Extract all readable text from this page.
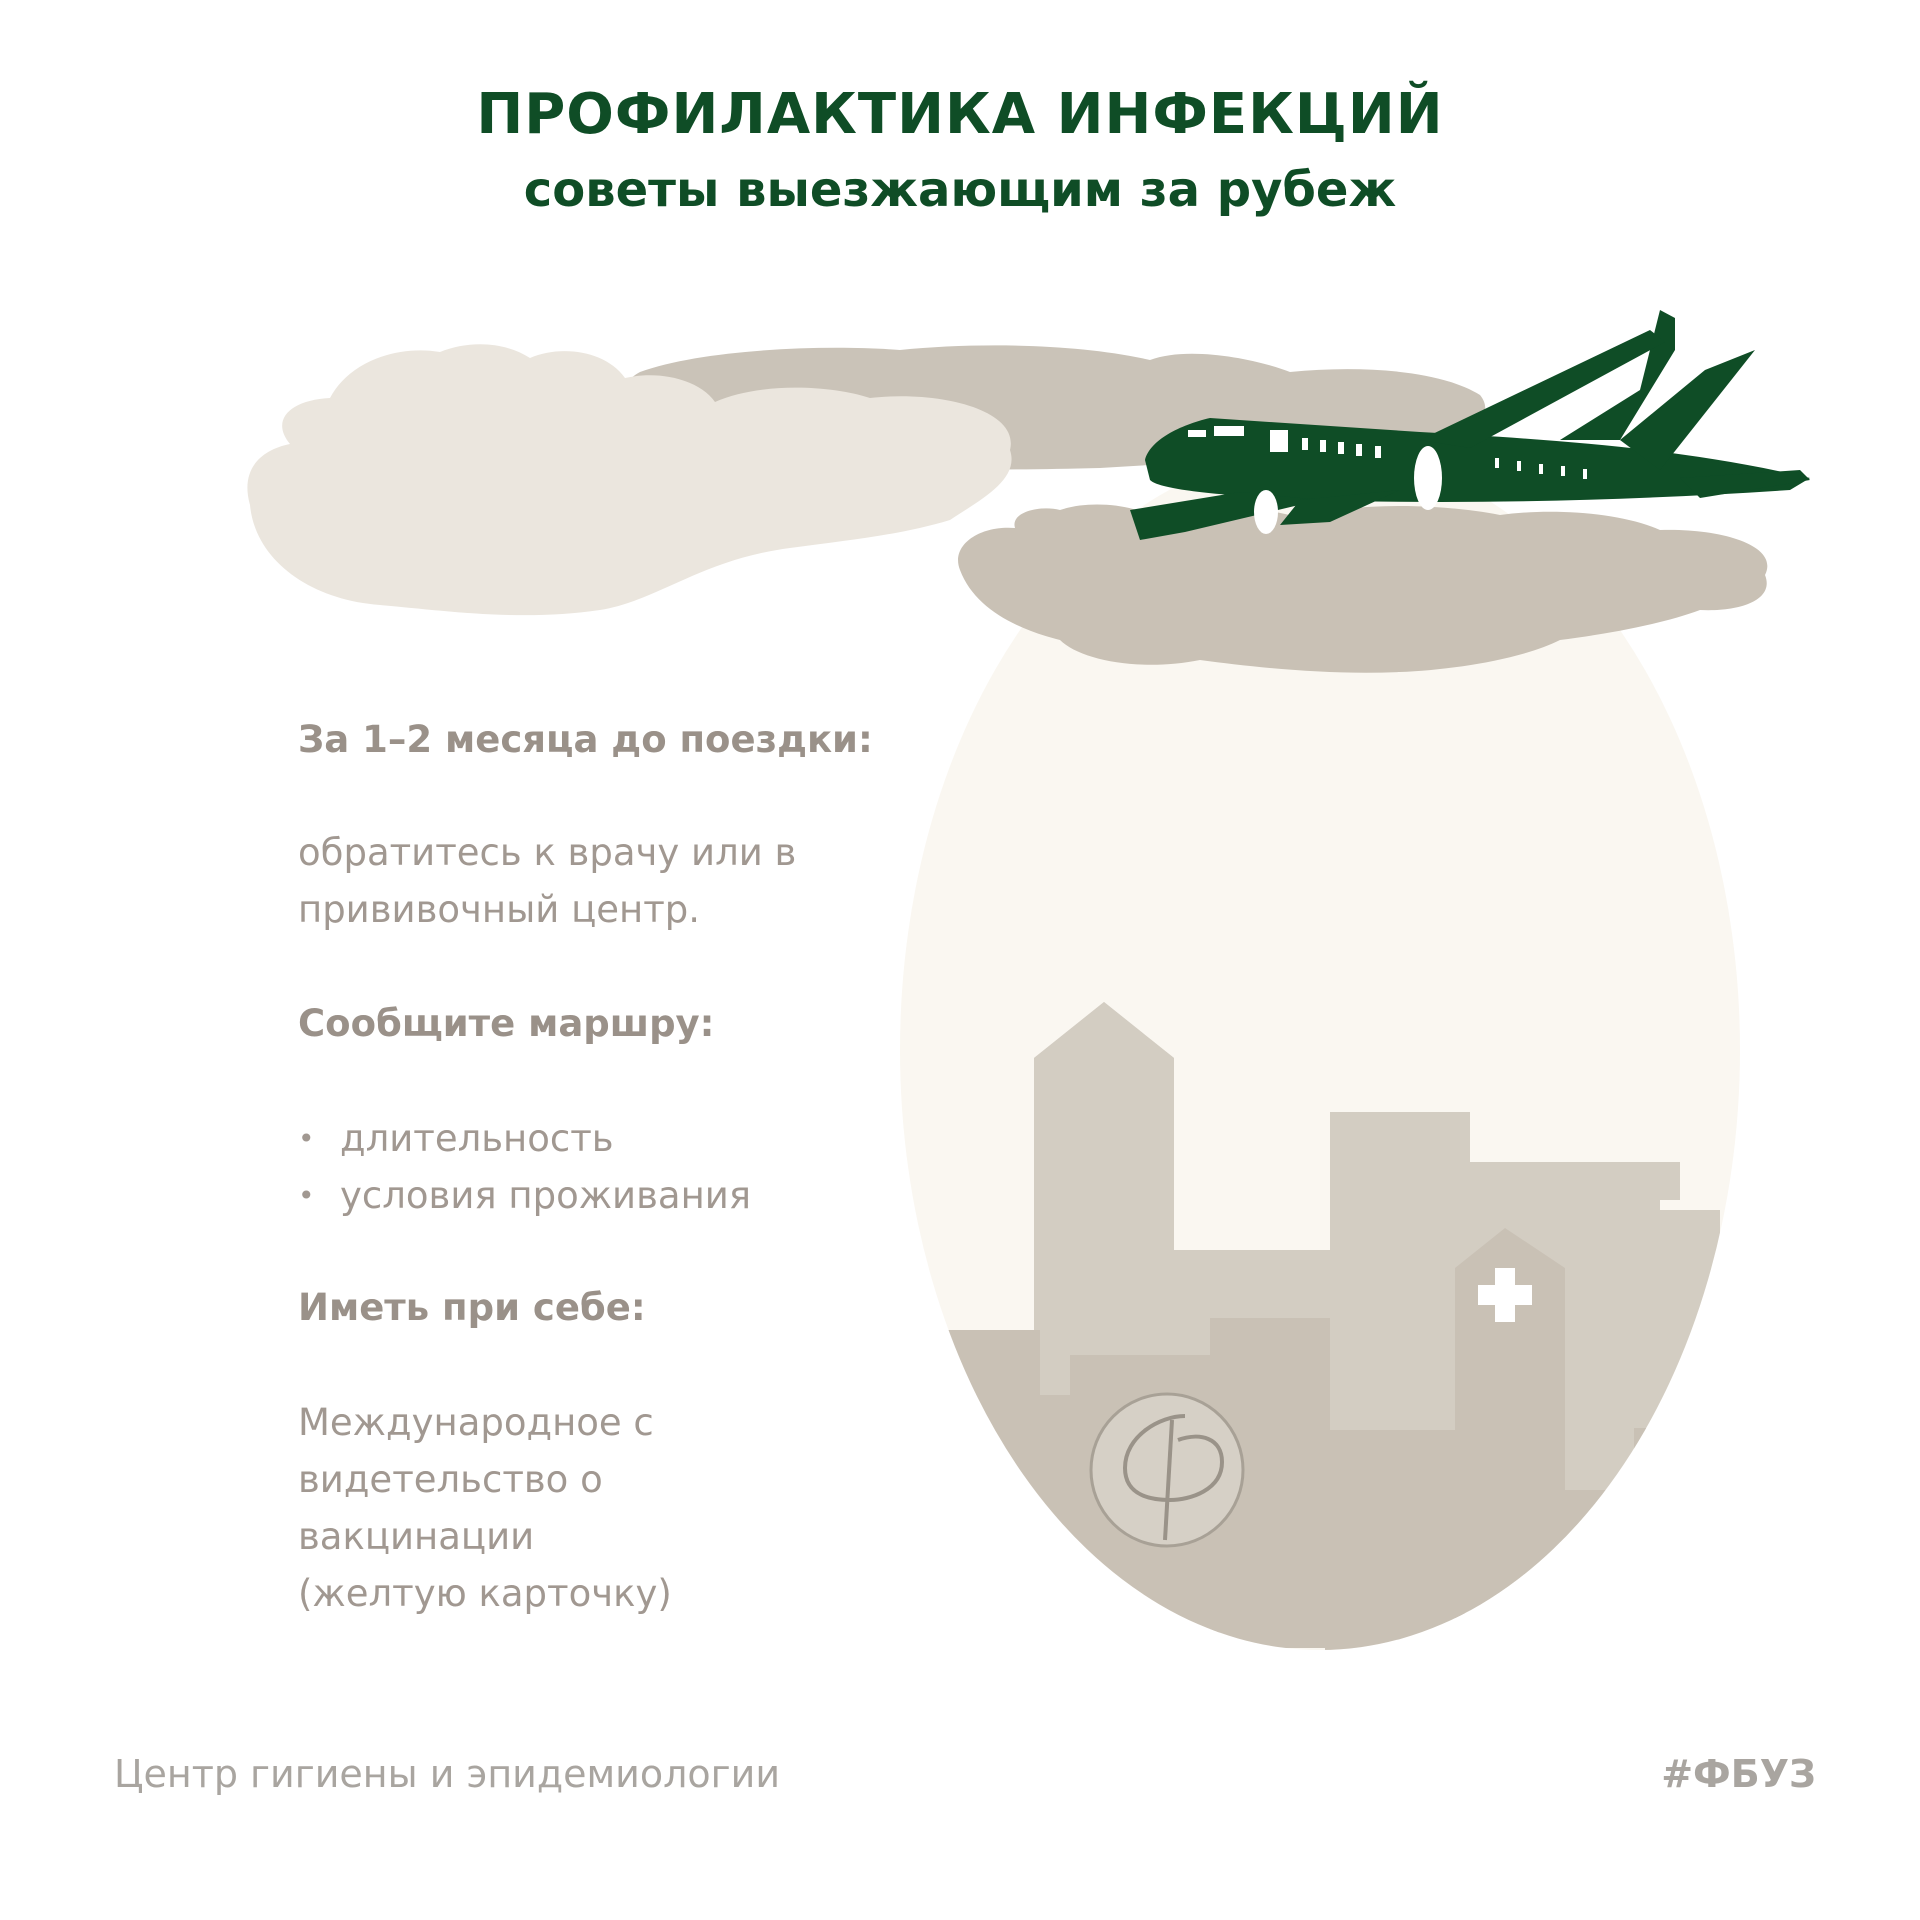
ПРОФИЛАКТИКА ИНФЕКЦИЙ
советы выезжающим за рубеж

За 1–2 месяца до поездки:

обратитесь к врачу или в
прививочный центр.

Сообщите маршру:

• длительность
• условия проживания

Иметь при себе:

Международное с
видетельство о
вакцинации
(желтую карточку)

Центр гигиены и эпидемиологии	#ФБУЗ
